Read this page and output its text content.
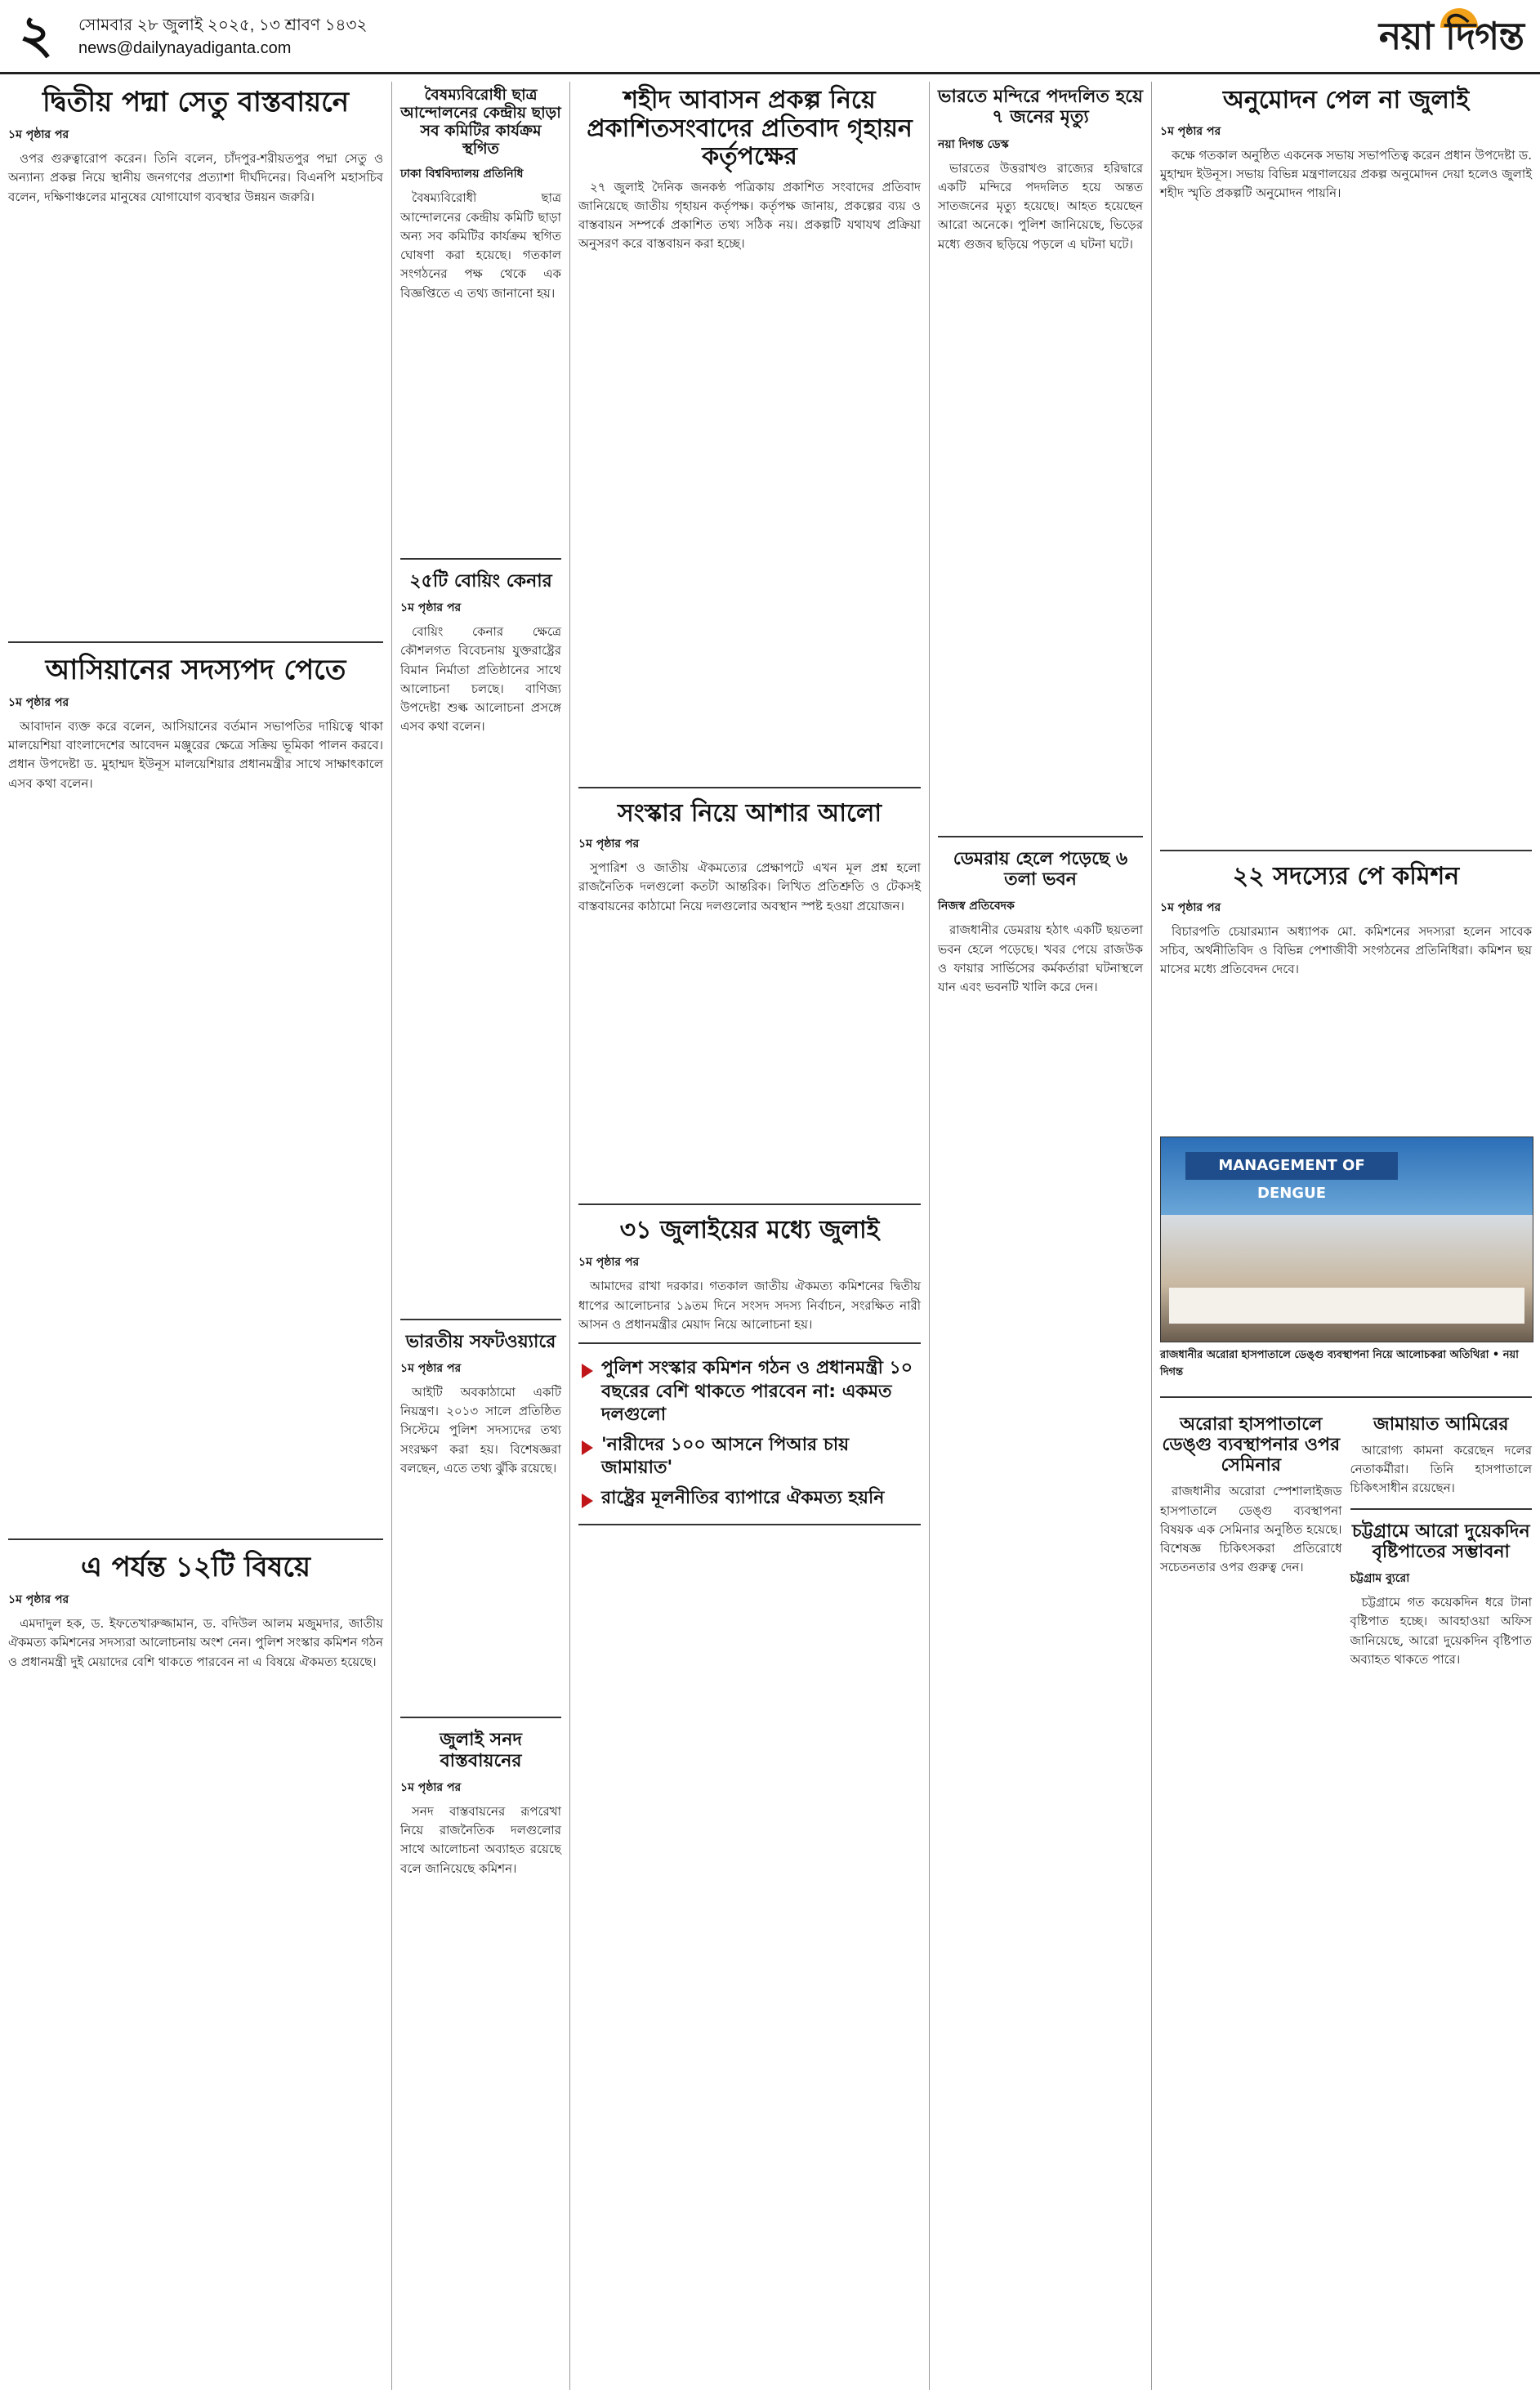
২	সোমবার ২৮ জুলাই ২০২৫, ১৩ শ্রাবণ ১৪৩২
news@dailynayadiganta.com	নয়া দিগন্ত
দ্বিতীয় পদ্মা সেতু বাস্তবায়নে
১ম পৃষ্ঠার পর

ওপর গুরুত্বারোপ করেন। তিনি বলেন, চাঁদপুর-শরীয়তপুর পদ্মা সেতু ও অন্যান্য প্রকল্প নিয়ে স্থানীয় জনগণের প্রত্যাশা দীর্ঘদিনের। বিএনপি মহাসচিব বলেন, দক্ষিণাঞ্চলের মানুষের যোগাযোগ ব্যবস্থার উন্নয়ন জরুরি।

আসিয়ানের সদস্যপদ পেতে
১ম পৃষ্ঠার পর

আবাদান ব্যক্ত করে বলেন, আসিয়ানের বর্তমান সভাপতির দায়িত্বে থাকা মালয়েশিয়া বাংলাদেশের আবেদন মঞ্জুরের ক্ষেত্রে সক্রিয় ভূমিকা পালন করবে। প্রধান উপদেষ্টা ড. মুহাম্মদ ইউনূস মালয়েশিয়ার প্রধানমন্ত্রীর সাথে সাক্ষাৎকালে এসব কথা বলেন।

এ পর্যন্ত ১২টি বিষয়ে
১ম পৃষ্ঠার পর

এমদাদুল হক, ড. ইফতেখারুজ্জামান, ড. বদিউল আলম মজুমদার, জাতীয় ঐকমত্য কমিশনের সদস্যরা আলোচনায় অংশ নেন। পুলিশ সংস্কার কমিশন গঠন ও প্রধানমন্ত্রী দুই মেয়াদের বেশি থাকতে পারবেন না এ বিষয়ে ঐকমত্য হয়েছে।

বৈষম্যবিরোধী ছাত্র আন্দোলনের কেন্দ্রীয় ছাড়া সব কমিটির কার্যক্রম স্থগিত
ঢাকা বিশ্ববিদ্যালয় প্রতিনিধি

বৈষম্যবিরোধী ছাত্র আন্দোলনের কেন্দ্রীয় কমিটি ছাড়া অন্য সব কমিটির কার্যক্রম স্থগিত ঘোষণা করা হয়েছে। গতকাল সংগঠনের পক্ষ থেকে এক বিজ্ঞপ্তিতে এ তথ্য জানানো হয়।

২৫টি বোয়িং কেনার
১ম পৃষ্ঠার পর

বোয়িং কেনার ক্ষেত্রে কৌশলগত বিবেচনায় যুক্তরাষ্ট্রের বিমান নির্মাতা প্রতিষ্ঠানের সাথে আলোচনা চলছে। বাণিজ্য উপদেষ্টা শুল্ক আলোচনা প্রসঙ্গে এসব কথা বলেন।

ভারতীয় সফটওয়্যারে
১ম পৃষ্ঠার পর

আইটি অবকাঠামো একটি নিয়ন্ত্রণ। ২০১৩ সালে প্রতিষ্ঠিত সিস্টেমে পুলিশ সদস্যদের তথ্য সংরক্ষণ করা হয়। বিশেষজ্ঞরা বলছেন, এতে তথ্য ঝুঁকি রয়েছে।

জুলাই সনদ বাস্তবায়নের
১ম পৃষ্ঠার পর

সনদ বাস্তবায়নের রূপরেখা নিয়ে রাজনৈতিক দলগুলোর সাথে আলোচনা অব্যাহত রয়েছে বলে জানিয়েছে কমিশন।

শহীদ আবাসন প্রকল্প নিয়ে প্রকাশিতসংবাদের প্রতিবাদ গৃহায়ন কর্তৃপক্ষের

২৭ জুলাই দৈনিক জনকণ্ঠ পত্রিকায় প্রকাশিত সংবাদের প্রতিবাদ জানিয়েছে জাতীয় গৃহায়ন কর্তৃপক্ষ। কর্তৃপক্ষ জানায়, প্রকল্পের ব্যয় ও বাস্তবায়ন সম্পর্কে প্রকাশিত তথ্য সঠিক নয়। প্রকল্পটি যথাযথ প্রক্রিয়া অনুসরণ করে বাস্তবায়ন করা হচ্ছে।

সংস্কার নিয়ে আশার আলো
১ম পৃষ্ঠার পর

সুপারিশ ও জাতীয় ঐকমত্যের প্রেক্ষাপটে এখন মূল প্রশ্ন হলো রাজনৈতিক দলগুলো কতটা আন্তরিক। লিখিত প্রতিশ্রুতি ও টেকসই বাস্তবায়নের কাঠামো নিয়ে দলগুলোর অবস্থান স্পষ্ট হওয়া প্রয়োজন।

৩১ জুলাইয়ের মধ্যে জুলাই
১ম পৃষ্ঠার পর

আমাদের রাখা দরকার। গতকাল জাতীয় ঐকমত্য কমিশনের দ্বিতীয় ধাপের আলোচনার ১৯তম দিনে সংসদ সদস্য নির্বাচন, সংরক্ষিত নারী আসন ও প্রধানমন্ত্রীর মেয়াদ নিয়ে আলোচনা হয়।

পুলিশ সংস্কার কমিশন গঠন ও প্রধানমন্ত্রী ১০ বছরের বেশি থাকতে পারবেন না: একমত দলগুলো
'নারীদের ১০০ আসনে পিআর চায় জামায়াত'
রাষ্ট্রের মূলনীতির ব্যাপারে ঐকমত্য হয়নি
ভারতে মন্দিরে পদদলিত হয়ে ৭ জনের মৃত্যু
নয়া দিগন্ত ডেস্ক

ভারতের উত্তরাখণ্ড রাজ্যের হরিদ্বারে একটি মন্দিরে পদদলিত হয়ে অন্তত সাতজনের মৃত্যু হয়েছে। আহত হয়েছেন আরো অনেকে। পুলিশ জানিয়েছে, ভিড়ের মধ্যে গুজব ছড়িয়ে পড়লে এ ঘটনা ঘটে।

ডেমরায় হেলে পড়েছে ৬ তলা ভবন
নিজস্ব প্রতিবেদক

রাজধানীর ডেমরায় হঠাৎ একটি ছয়তলা ভবন হেলে পড়েছে। খবর পেয়ে রাজউক ও ফায়ার সার্ভিসের কর্মকর্তারা ঘটনাস্থলে যান এবং ভবনটি খালি করে দেন।

অনুমোদন পেল না জুলাই
১ম পৃষ্ঠার পর

কক্ষে গতকাল অনুষ্ঠিত একনেক সভায় সভাপতিত্ব করেন প্রধান উপদেষ্টা ড. মুহাম্মদ ইউনূস। সভায় বিভিন্ন মন্ত্রণালয়ের প্রকল্প অনুমোদন দেয়া হলেও জুলাই শহীদ স্মৃতি প্রকল্পটি অনুমোদন পায়নি।

২২ সদস্যের পে কমিশন
১ম পৃষ্ঠার পর

বিচারপতি চেয়ারম্যান অধ্যাপক মো. কমিশনের সদস্যরা হলেন সাবেক সচিব, অর্থনীতিবিদ ও বিভিন্ন পেশাজীবী সংগঠনের প্রতিনিধিরা। কমিশন ছয় মাসের মধ্যে প্রতিবেদন দেবে।

MANAGEMENT OF DENGUE
রাজধানীর অরোরা হাসপাতালে ডেঙ্গু ব্যবস্থাপনা নিয়ে আলোচকরা অতিথিরা • নয়া দিগন্ত
অরোরা হাসপাতালে ডেঙ্গু ব্যবস্থাপনার ওপর সেমিনার

রাজধানীর অরোরা স্পেশালাইজড হাসপাতালে ডেঙ্গু ব্যবস্থাপনা বিষয়ক এক সেমিনার অনুষ্ঠিত হয়েছে। বিশেষজ্ঞ চিকিৎসকরা প্রতিরোধে সচেতনতার ওপর গুরুত্ব দেন।

জামায়াত আমিরের

আরোগ্য কামনা করেছেন দলের নেতাকর্মীরা। তিনি হাসপাতালে চিকিৎসাধীন রয়েছেন।

চট্টগ্রামে আরো দুয়েকদিন বৃষ্টিপাতের সম্ভাবনা
চট্টগ্রাম ব্যুরো

চট্টগ্রামে গত কয়েকদিন ধরে টানা বৃষ্টিপাত হচ্ছে। আবহাওয়া অফিস জানিয়েছে, আরো দুয়েকদিন বৃষ্টিপাত অব্যাহত থাকতে পারে।
